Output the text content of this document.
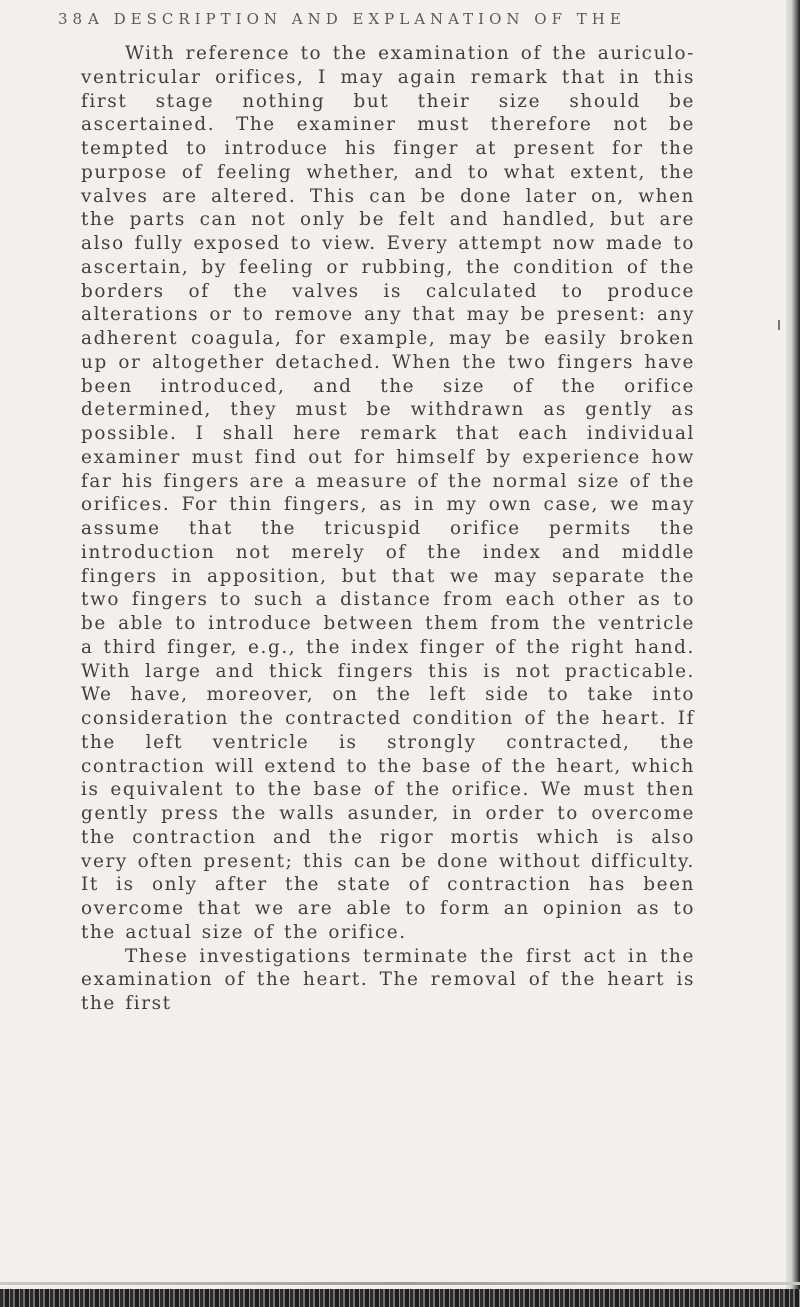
38 A DESCRIPTION AND EXPLANATION OF THE

With reference to the examination of the auriculo-ventricular orifices, I may again remark that in this first stage nothing but their size should be ascertained. The examiner must therefore not be tempted to introduce his finger at present for the purpose of feeling whether, and to what extent, the valves are altered. This can be done later on, when the parts can not only be felt and handled, but are also fully exposed to view. Every attempt now made to ascertain, by feeling or rubbing, the condition of the borders of the valves is calculated to produce alterations or to remove any that may be present: any adherent coagula, for example, may be easily broken up or altogether detached. When the two fingers have been introduced, and the size of the orifice determined, they must be withdrawn as gently as possible. I shall here remark that each individual examiner must find out for himself by experience how far his fingers are a measure of the normal size of the orifices. For thin fingers, as in my own case, we may assume that the tricuspid orifice permits the introduction not merely of the index and middle fingers in apposition, but that we may separate the two fingers to such a distance from each other as to be able to introduce between them from the ventricle a third finger, e.g., the index finger of the right hand. With large and thick fingers this is not practicable. We have, moreover, on the left side to take into consideration the contracted condition of the heart. If the left ventricle is strongly contracted, the contraction will extend to the base of the heart, which is equivalent to the base of the orifice. We must then gently press the walls asunder, in order to overcome the contraction and the rigor mortis which is also very often present; this can be done without difficulty. It is only after the state of contraction has been overcome that we are able to form an opinion as to the actual size of the orifice.

These investigations terminate the first act in the examination of the heart. The removal of the heart is the first
